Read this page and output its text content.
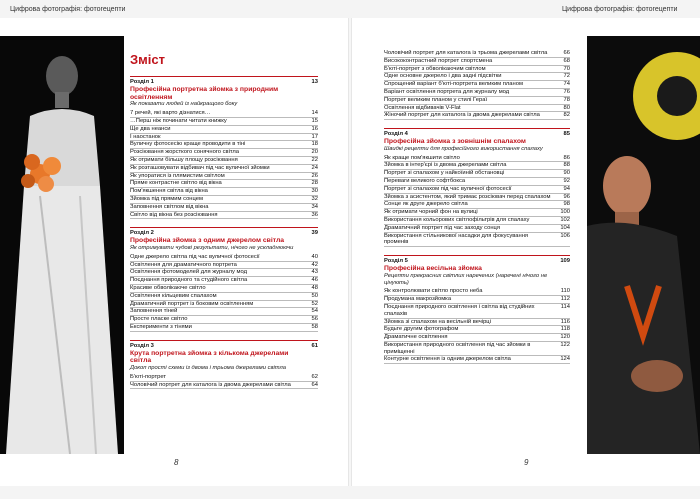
Цифрова фотографія: фотоrецепти	Цифрова фотографія: фотоrецепти
Зміст
Розділ 1	13
Професійна портретна зйомка з природним освітленням
Як показати людей із найкращого боку
7 речей, які варто дізнатися…	14
…Перш ніж починати читати книжку	15
Ще два неанси	16
І наостанок	17
Вуличну фотосесію краще проводити в тіні	18
Розсіювання жорсткого сонячного світла	20
Як отримати більшу площу розсіювання	22
Як розташовувати відбивач під час вуличної зйомки	24
Як упоратися із плямистим світлом	26
Пряме контрастне світло від вікна	28
Пом'якшення світла від вікна	30
Зйомка під прямим сонцем	32
Заповнення світлом від вікна	34
Світло від вікна без розсіювання	36
Розділ 2	39
Професійна зйомка з одним джерелом світла
Як отримувати чудові результати, нічого не ускладнюючи
Одне джерело світла під час вуличної фотосесії	40
Освітлення для драматичного портрета	42
Освітлення фотомоделей для журналу мод	43
Поєднання природного та студійного світла	46
Красиве обволікаюче світло	48
Освітлення кільцевим спалахом	50
Драматичний портрет із боковим освітленням	52
Заповнення тіней	54
Просте пласке світло	56
Експерименти з тінями	58
Розділ 3	61
Крута портретна зйомка з кількома джерелами світла
Докоп прості схеми із двома і трьома джерелами світла
Б'юті-портрет	62
Чоловічий портрет для каталога із двома джерелами світла	64
Чоловічий портрет для каталога із трьома джерелами світла	66
Висококонтрастний портрет спортсмена	68
Б'юті-портрет з обволікаючим світлом	70
Одне основне джерело і два задні підсвітки	72
Спрощений варіант б'юті-портрета великим планом	74
Варіант освітлення портрета для журналу мод	76
Портрет великим планом у стилі Гераї	78
Освітлення відбивачів V-Flat	80
Жіночий портрет для каталога із двома джерелами світла	82
Розділ 4	85
Професійна зйомка з зовнішнім спалахом
Швидкі рецепти для професійного використання спалаху
Як краще пом'якшити світло	86
Зйомка в інтер'єрі із двома джерелами світла	88
Портрет зі спалахом у найкоїиній обстановці	90
Переваги великого софтбокса	92
Портрет зі спалахом під час вуличної фотосесії	94
Зйомка з асистентом, який тримає розсіювач перед спалахом	96
Сонце як друге джерело світла	98
Як отримати чорний фон на вулиці	100
Використання кольорових світлофільтрів для спалаху	102
Драматичний портрет під час заходу сонця	104
Використання стільникової насадки для фокусування променів
106
Розділ 5	109
Професійна весільна зйомка
Рецепти прекрасних світлих наречених (наречені нічого не цінують)
Як контролювати світло просто неба	110
Продумана макрозйомка	112
Поєднання природного освітлення і світла від студійних спалахів
114
Зйомка зі спалахом на весільній вечірці	116
Будьте другим фотографом	118
Драматичне освітлення	120
Використання природного освітлення під час зйомки в приміщенні
122
Контурне освітлення із одним джерелом світла	124
8	9
